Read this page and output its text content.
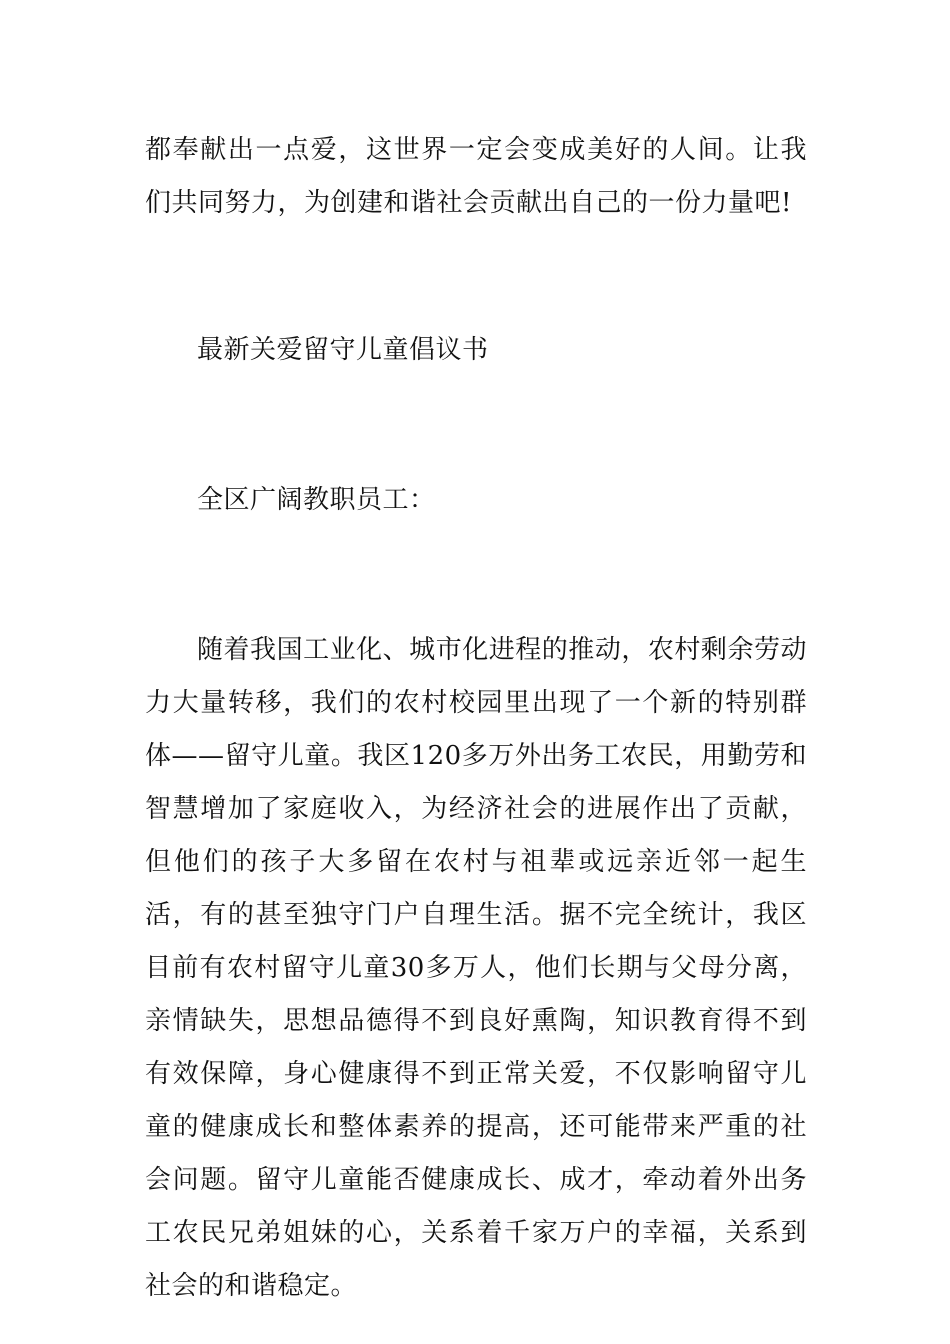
都奉献出一点爱，这世界一定会变成美好的人间。让我们共同努力，为创建和谐社会贡献出自己的一份力量吧!

最新关爱留守儿童倡议书

全区广阔教职员工：

随着我国工业化、城市化进程的推动，农村剩余劳动力大量转移，我们的农村校园里出现了一个新的特别群体——留守儿童。我区120多万外出务工农民，用勤劳和智慧增加了家庭收入，为经济社会的进展作出了贡献，但他们的孩子大多留在农村与祖辈或远亲近邻一起生活，有的甚至独守门户自理生活。据不完全统计，我区目前有农村留守儿童30多万人，他们长期与父母分离，亲情缺失，思想品德得不到良好熏陶，知识教育得不到有效保障，身心健康得不到正常关爱，不仅影响留守儿童的健康成长和整体素养的提高，还可能带来严重的社会问题。留守儿童能否健康成长、成才，牵动着外出务工农民兄弟姐妹的心，关系着千家万户的幸福，关系到社会的和谐稳定。
